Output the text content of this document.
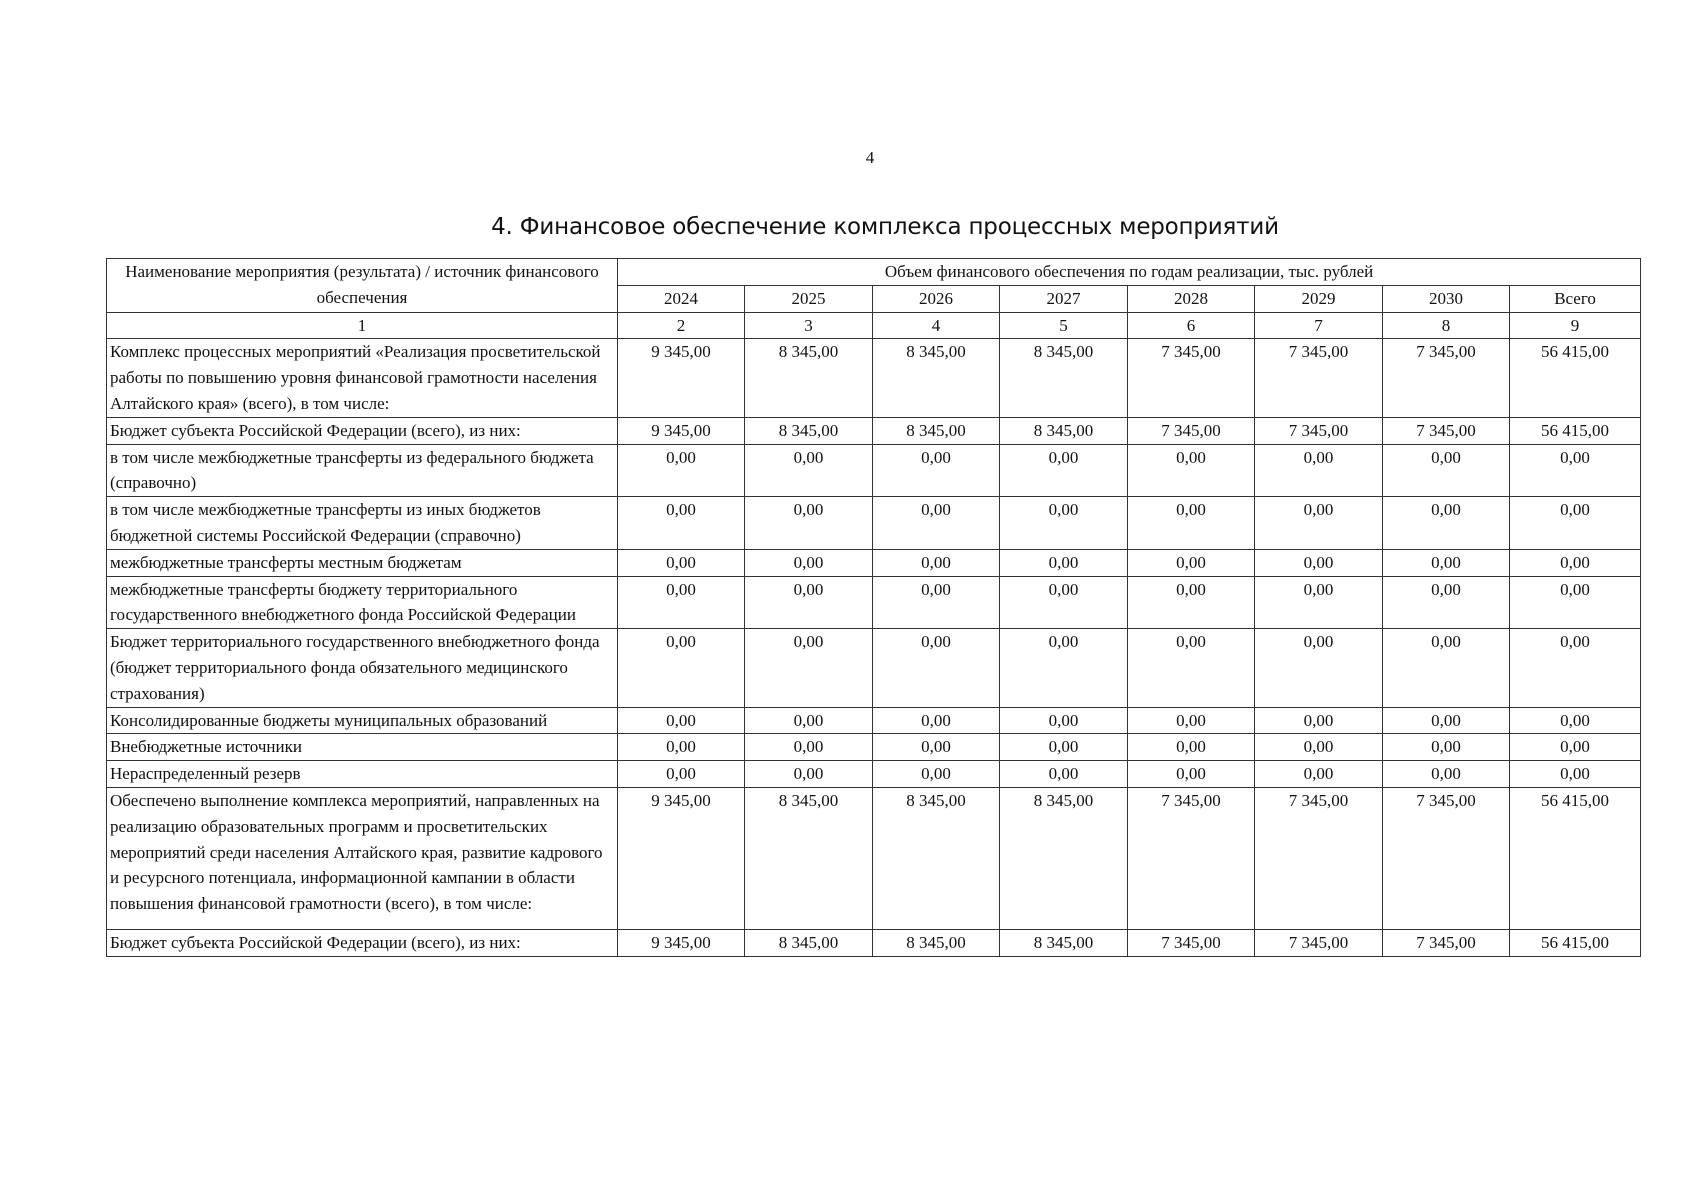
4
4. Финансовое обеспечение комплекса процессных мероприятий
Наименование мероприятия (результата) / источник финансового обеспечения	Объем финансового обеспечения по годам реализации, тыс. рублей							
	2024	2025	2026	2027	2028	2029	2030	Всего
1	2	3	4	5	6	7	8	9
Комплекс процессных мероприятий «Реализация просветительской работы по повышению уровня финансовой грамотности населения Алтайского края» (всего), в том числе:	9 345,00	8 345,00	8 345,00	8 345,00	7 345,00	7 345,00	7 345,00	56 415,00
Бюджет субъекта Российской Федерации (всего), из них:	9 345,00	8 345,00	8 345,00	8 345,00	7 345,00	7 345,00	7 345,00	56 415,00
в том числе межбюджетные трансферты из федерального бюджета (справочно)	0,00	0,00	0,00	0,00	0,00	0,00	0,00	0,00
в том числе межбюджетные трансферты из иных бюджетов бюджетной системы Российской Федерации (справочно)	0,00	0,00	0,00	0,00	0,00	0,00	0,00	0,00
межбюджетные трансферты местным бюджетам	0,00	0,00	0,00	0,00	0,00	0,00	0,00	0,00
межбюджетные трансферты бюджету территориального государственного внебюджетного фонда Российской Федерации	0,00	0,00	0,00	0,00	0,00	0,00	0,00	0,00
Бюджет территориального государственного внебюджетного фонда (бюджет территориального фонда обязательного медицинского страхования)	0,00	0,00	0,00	0,00	0,00	0,00	0,00	0,00
Консолидированные бюджеты муниципальных образований	0,00	0,00	0,00	0,00	0,00	0,00	0,00	0,00
Внебюджетные источники	0,00	0,00	0,00	0,00	0,00	0,00	0,00	0,00
Нераспределенный резерв	0,00	0,00	0,00	0,00	0,00	0,00	0,00	0,00
Обеспечено выполнение комплекса мероприятий, направленных на реализацию образовательных программ и просветительских мероприятий среди населения Алтайского края, развитие кадрового и ресурсного потенциала, информационной кампании в области повышения финансовой грамотности (всего), в том числе:	9 345,00	8 345,00	8 345,00	8 345,00	7 345,00	7 345,00	7 345,00	56 415,00
Бюджет субъекта Российской Федерации (всего), из них:	9 345,00	8 345,00	8 345,00	8 345,00	7 345,00	7 345,00	7 345,00	56 415,00
